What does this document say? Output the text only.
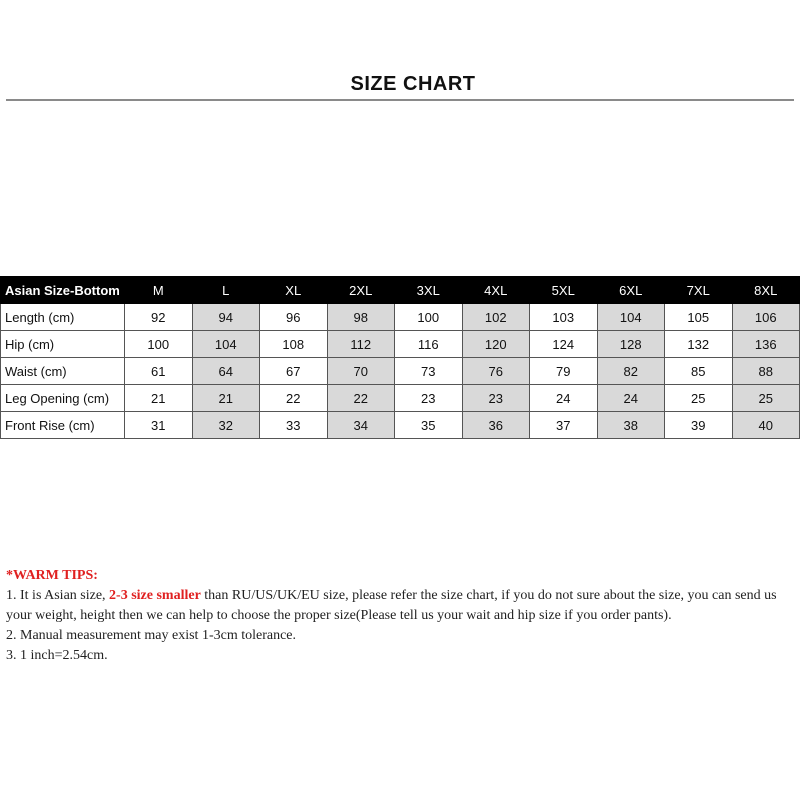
SIZE CHART
Asian Size-Bottom	M	L	XL	2XL	3XL	4XL	5XL	6XL	7XL	8XL
Length (cm)	92	94	96	98	100	102	103	104	105	106
Hip (cm)	100	104	108	112	116	120	124	128	132	136
Waist (cm)	61	64	67	70	73	76	79	82	85	88
Leg Opening (cm)	21	21	22	22	23	23	24	24	25	25
Front Rise (cm)	31	32	33	34	35	36	37	38	39	40

*WARM TIPS:

1. It is Asian size, 2-3 size smaller than RU/US/UK/EU size, please refer the size chart, if you do not sure about the size, you can send us your weight, height then we can help to choose the proper size(Please tell us your wait and hip size if you order pants).

2. Manual measurement may exist 1-3cm tolerance.

3. 1 inch=2.54cm.
